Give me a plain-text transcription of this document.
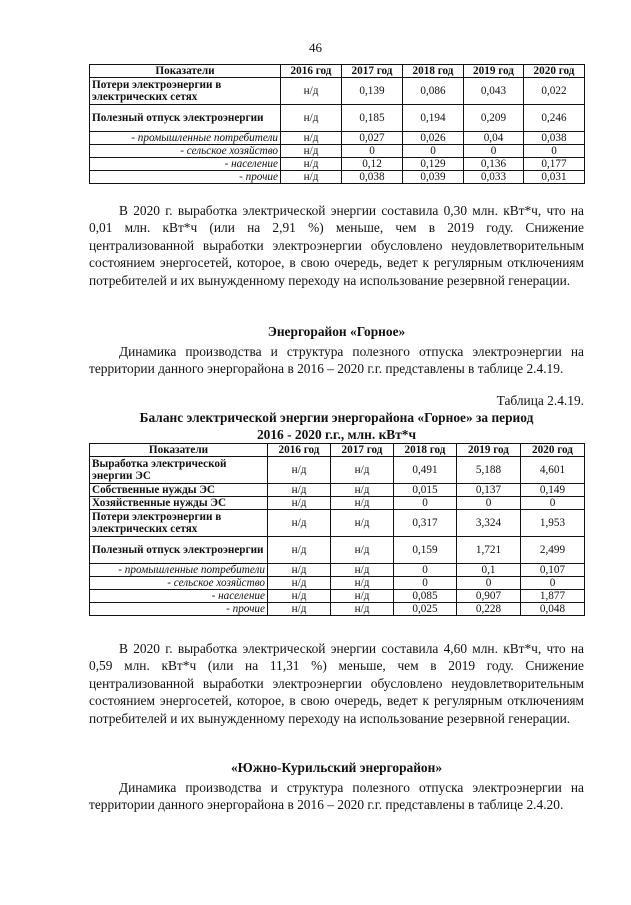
46
Показатели	2016 год	2017 год	2018 год	2019 год	2020 год
Потери электроэнергии в электрических сетях	н/д	0,139	0,086	0,043	0,022
Полезный отпуск электроэнергии	н/д	0,185	0,194	0,209	0,246
- промышленные потребители	н/д	0,027	0,026	0,04	0,038
- сельское хозяйство	н/д	0	0	0	0
- население	н/д	0,12	0,129	0,136	0,177
- прочие	н/д	0,038	0,039	0,033	0,031

В 2020 г. выработка электрической энергии составила 0,30 млн. кВт*ч, что на 0,01 млн. кВт*ч (или на 2,91 %) меньше, чем в 2019 году. Снижение централизованной выработки электроэнергии обусловлено неудовлетворительным состоянием энергосетей, которое, в свою очередь, ведет к регулярным отключениям потребителей и их вынужденному переходу на использование резервной генерации.

Энергорайон «Горное»

Динамика производства и структура полезного отпуска электроэнергии на территории данного энергорайона в 2016 – 2020 г.г. представлены в таблице 2.4.19.

Таблица 2.4.19.
Баланс электрической энергии энергорайона «Горное» за период
2016 - 2020 г.г., млн. кВт*ч
Показатели	2016 год	2017 год	2018 год	2019 год	2020 год
Выработка электрической энергии ЭС	н/д	н/д	0,491	5,188	4,601
Собственные нужды ЭС	н/д	н/д	0,015	0,137	0,149
Хозяйственные нужды ЭС	н/д	н/д	0	0	0
Потери электроэнергии в электрических сетях	н/д	н/д	0,317	3,324	1,953
Полезный отпуск электроэнергии	н/д	н/д	0,159	1,721	2,499
- промышленные потребители	н/д	н/д	0	0,1	0,107
- сельское хозяйство	н/д	н/д	0	0	0
- население	н/д	н/д	0,085	0,907	1,877
- прочие	н/д	н/д	0,025	0,228	0,048

В 2020 г. выработка электрической энергии составила 4,60 млн. кВт*ч, что на 0,59 млн. кВт*ч (или на 11,31 %) меньше, чем в 2019 году. Снижение централизованной выработки электроэнергии обусловлено неудовлетворительным состоянием энергосетей, которое, в свою очередь, ведет к регулярным отключениям потребителей и их вынужденному переходу на использование резервной генерации.

«Южно-Курильский энергорайон»

Динамика производства и структура полезного отпуска электроэнергии на территории данного энергорайона в 2016 – 2020 г.г. представлены в таблице 2.4.20.
